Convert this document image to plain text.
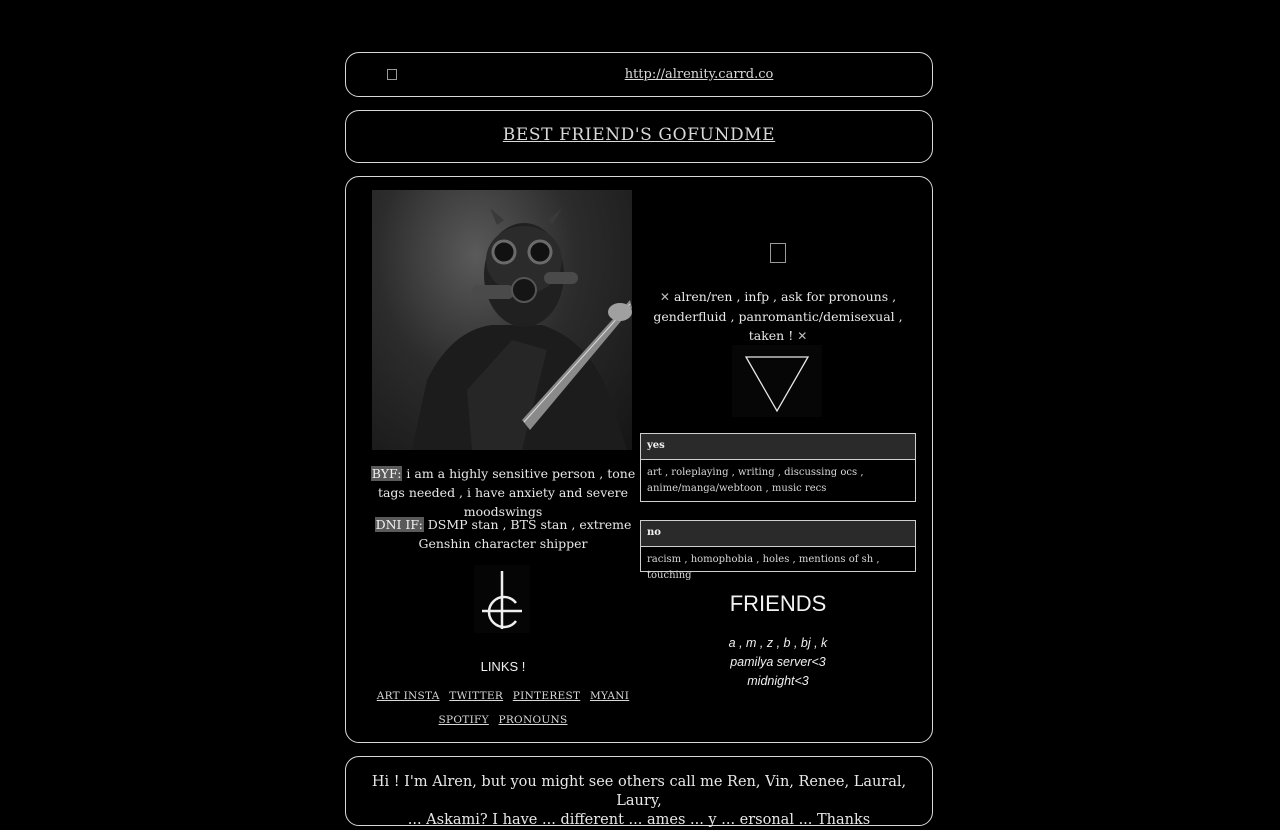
http://alrenity.carrd.co
BEST FRIEND'S GOFUNDME
BYF: i am a highly sensitive person , tone tags needed , i have anxiety and severe moodswings
DNI IF: DSMP stan , BTS stan , extreme Genshin character shipper
LINKS !
ART INSTA TWITTER PINTEREST MYANI
SPOTIFY PRONOUNS
✕ alren/ren , infp , ask for pronouns , genderfluid , panromantic/demisexual , taken ! ✕
yes
art , roleplaying , writing , discussing ocs , anime/manga/webtoon , music recs
no
racism , homophobia , holes , mentions of sh , touching
FRIENDS
a , m , z , b , bj , k
pamilya server<3
midnight<3
Hi ! I'm Alren, but you might see others call me Ren, Vin, Renee, Laural, Laury,
... Askami? I have ... different ... ames ... y ... ersonal ... Thanks
